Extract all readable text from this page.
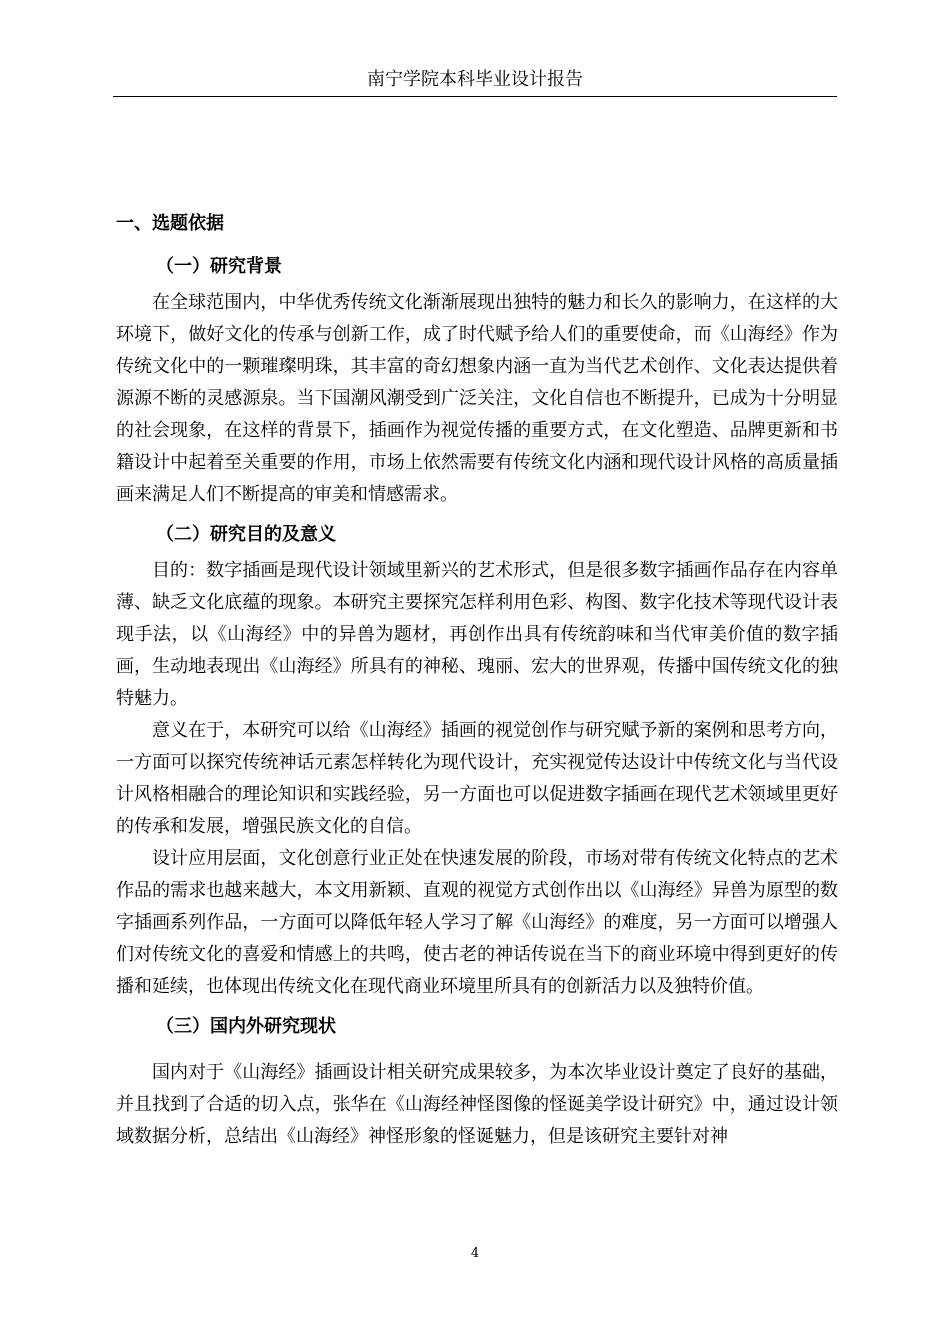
南宁学院本科毕业设计报告
一、选题依据
（一）研究背景

在全球范围内，中华优秀传统文化渐渐展现出独特的魅力和长久的影响力，在这样的大环境下，做好文化的传承与创新工作，成了时代赋予给人们的重要使命，而《山海经》作为传统文化中的一颗璀璨明珠，其丰富的奇幻想象内涵一直为当代艺术创作、文化表达提供着源源不断的灵感源泉。当下国潮风潮受到广泛关注，文化自信也不断提升，已成为十分明显的社会现象，在这样的背景下，插画作为视觉传播的重要方式，在文化塑造、品牌更新和书籍设计中起着至关重要的作用，市场上依然需要有传统文化内涵和现代设计风格的高质量插画来满足人们不断提高的审美和情感需求。

（二）研究目的及意义

目的：数字插画是现代设计领域里新兴的艺术形式，但是很多数字插画作品存在内容单薄、缺乏文化底蕴的现象。本研究主要探究怎样利用色彩、构图、数字化技术等现代设计表现手法，以《山海经》中的异兽为题材，再创作出具有传统韵味和当代审美价值的数字插画，生动地表现出《山海经》所具有的神秘、瑰丽、宏大的世界观，传播中国传统文化的独特魅力。

意义在于，本研究可以给《山海经》插画的视觉创作与研究赋予新的案例和思考方向，一方面可以探究传统神话元素怎样转化为现代设计，充实视觉传达设计中传统文化与当代设计风格相融合的理论知识和实践经验，另一方面也可以促进数字插画在现代艺术领域里更好的传承和发展，增强民族文化的自信。

设计应用层面，文化创意行业正处在快速发展的阶段，市场对带有传统文化特点的艺术作品的需求也越来越大，本文用新颖、直观的视觉方式创作出以《山海经》异兽为原型的数字插画系列作品，一方面可以降低年轻人学习了解《山海经》的难度，另一方面可以增强人们对传统文化的喜爱和情感上的共鸣，使古老的神话传说在当下的商业环境中得到更好的传播和延续，也体现出传统文化在现代商业环境里所具有的创新活力以及独特价值。

（三）国内外研究现状

国内对于《山海经》插画设计相关研究成果较多，为本次毕业设计奠定了良好的基础，并且找到了合适的切入点，张华在《山海经神怪图像的怪诞美学设计研究》中，通过设计领域数据分析，总结出《山海经》神怪形象的怪诞魅力，但是该研究主要针对神

4
